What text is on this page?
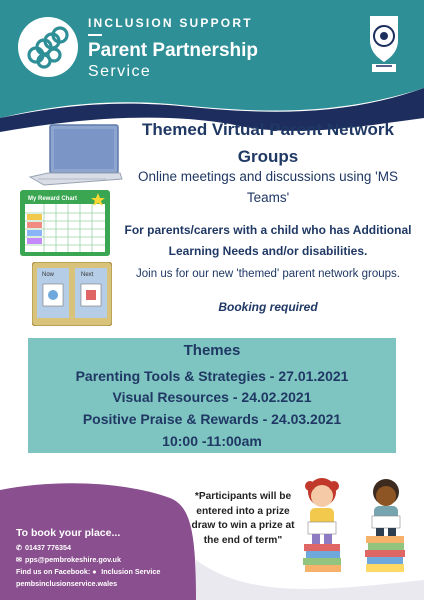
INCLUSION SUPPORT
Parent Partnership
Service
My Reward Chart
Now	Next
Themed Virtual Parent Network Groups
Online meetings and discussions using 'MS Teams'
For parents/carers with a child who has Additional Learning Needs and/or disabilities.
Join us for our new 'themed' parent network groups.
Booking required
Themes
Parenting Tools & Strategies - 27.01.2021
Visual Resources - 24.02.2021
Positive Praise & Rewards - 24.03.2021
10:00 -11:00am
To book your place...
✆ 01437 776354
✉ pps@pembrokeshire.gov.uk
Find us on Facebook: ● Inclusion Service
pembsinclusionservice.wales
*Participants will be entered into a prize draw to win a prize at the end of term"
